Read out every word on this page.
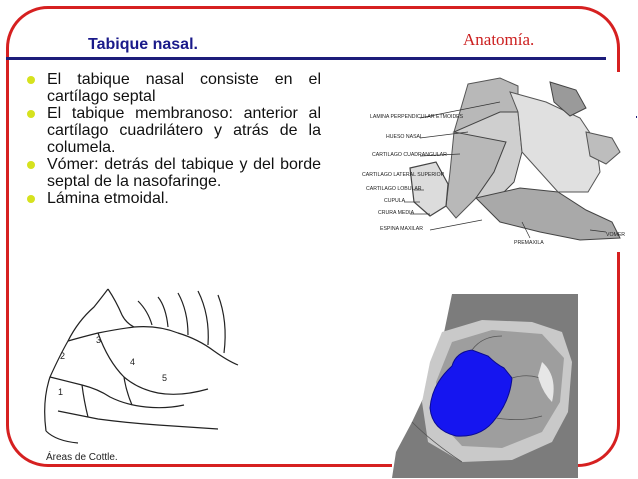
Tabique nasal.	Anatomía.
El tabique nasal consiste en el cartílago septal
El tabique membranoso: anterior al cartílago cuadrilátero y atrás de la columela.
Vómer: detrás del tabique y del borde septal de la nasofaringe.
Lámina etmoidal.
LAMINA PERPENDICULAR ETMOIDES
HUESO NASAL
CARTILAGO CUADRANGULAR
CARTILAGO LATERAL SUPERIOR
CARTILAGO LOBULAR
CUPULA
CRURA MEDIA
ESPINA MAXILAR
PREMAXILA
VOMER
1
2
3
4
5
Áreas de Cottle.
